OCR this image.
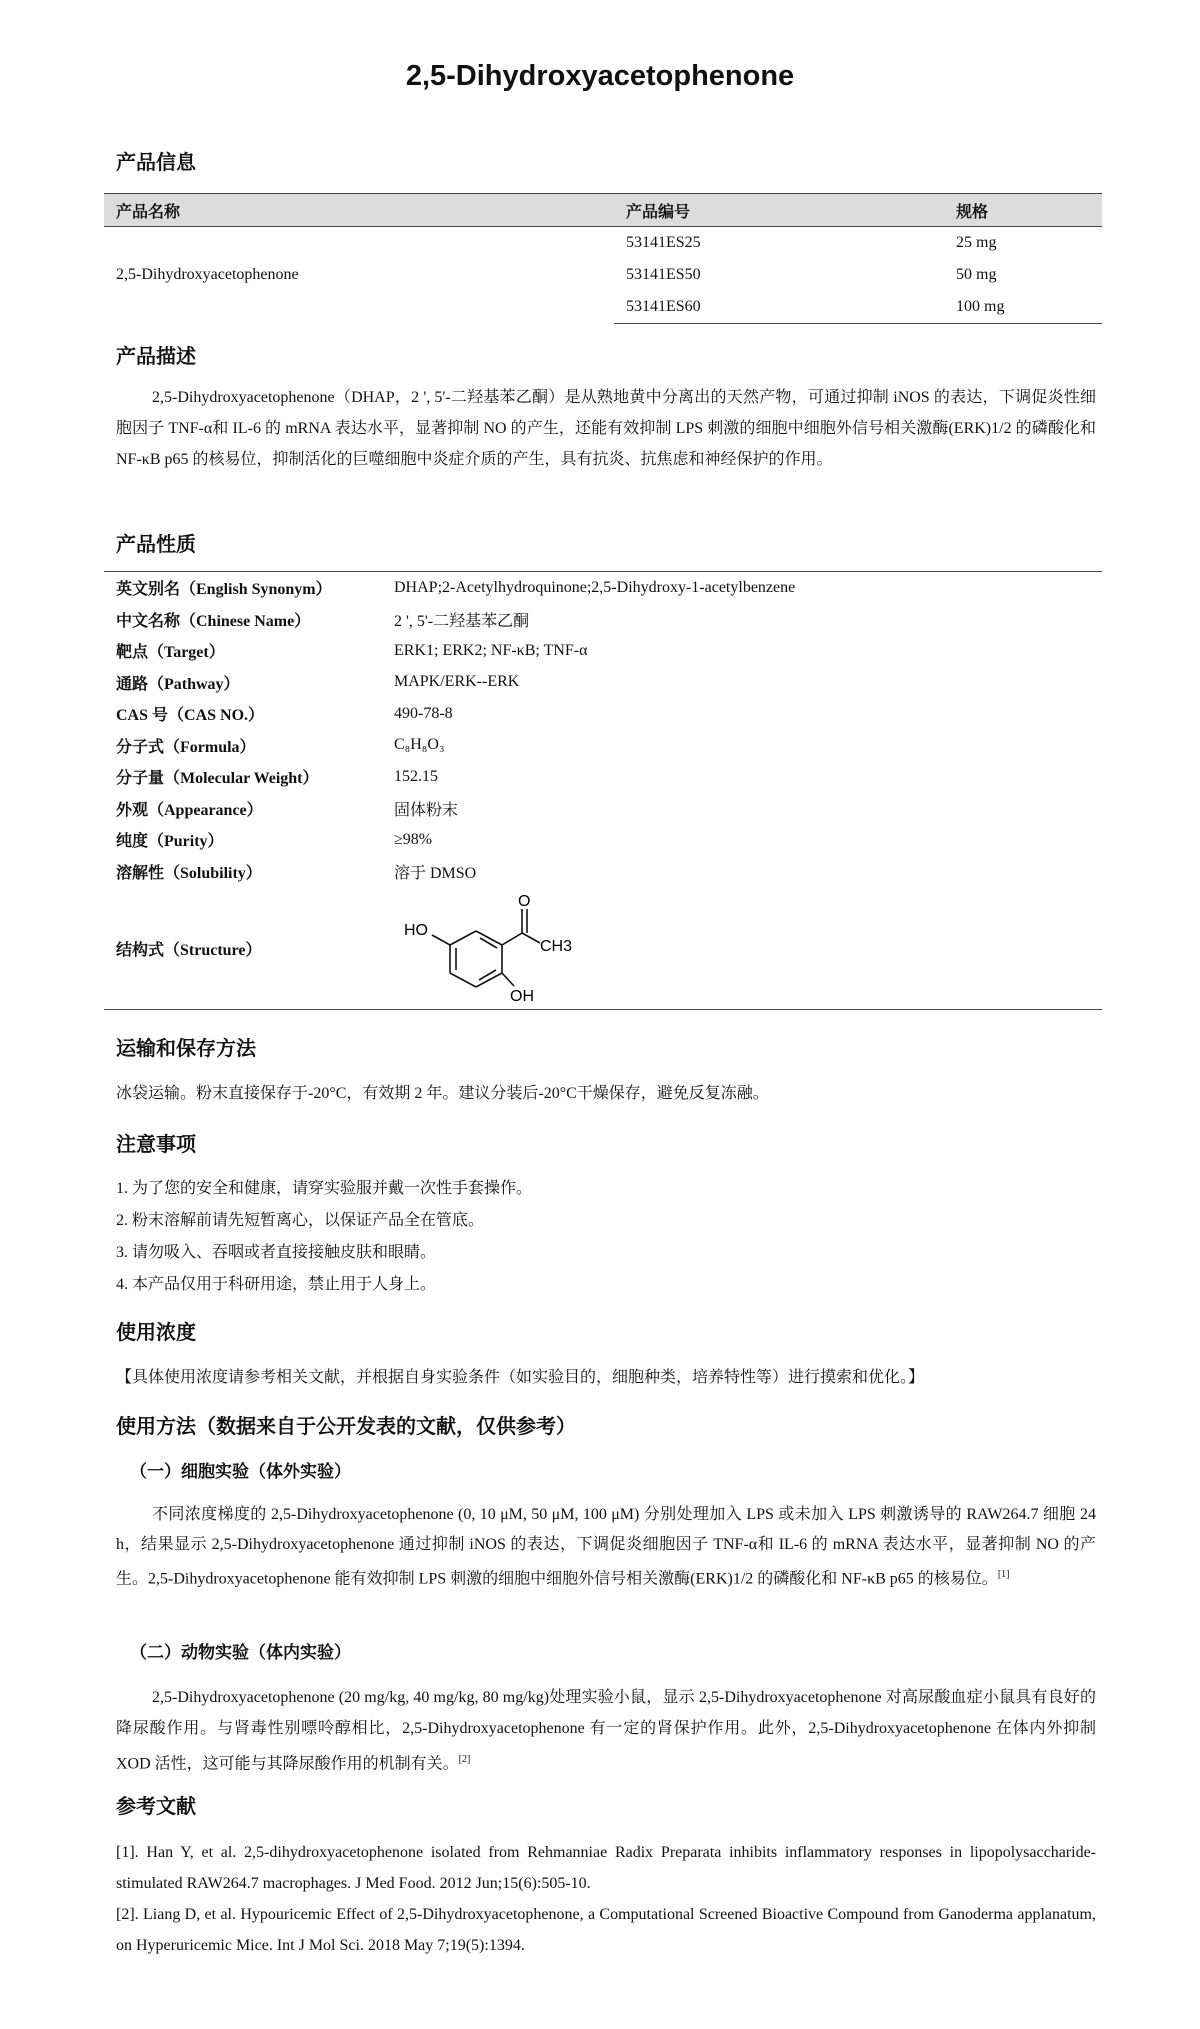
2,5-Dihydroxyacetophenone
产品信息
产品名称	产品编号	规格
2,5-Dihydroxyacetophenone	53141ES25	25 mg
	53141ES50	50 mg
	53141ES60	100 mg
产品描述
2,5-Dihydroxyacetophenone（DHAP，2 ', 5'-二羟基苯乙酮）是从熟地黄中分离出的天然产物，可通过抑制 iNOS 的表达，下调促炎性细胞因子 TNF-α和 IL-6 的 mRNA 表达水平，显著抑制 NO 的产生，还能有效抑制 LPS 刺激的细胞中细胞外信号相关激酶(ERK)1/2 的磷酸化和 NF-κB p65 的核易位，抑制活化的巨噬细胞中炎症介质的产生，具有抗炎、抗焦虑和神经保护的作用。
产品性质
英文别名（English Synonym）	DHAP;2-Acetylhydroquinone;2,5-Dihydroxy-1-acetylbenzene
中文名称（Chinese Name）	2 ', 5'-二羟基苯乙酮
靶点（Target）	ERK1; ERK2; NF-κB; TNF-α
通路（Pathway）	MAPK/ERK--ERK
CAS 号（CAS NO.）	490-78-8
分子式（Formula）	C₈H₈O₃
分子量（Molecular Weight）	152.15
外观（Appearance）	固体粉末
纯度（Purity）	≥98%
溶解性（Solubility）	溶于 DMSO
结构式（Structure）	HO
O
CH3
OH
运输和保存方法
冰袋运输。粉末直接保存于-20°C，有效期 2 年。建议分装后-20°C干燥保存，避免反复冻融。
注意事项
1. 为了您的安全和健康，请穿实验服并戴一次性手套操作。
2. 粉末溶解前请先短暂离心，以保证产品全在管底。
3. 请勿吸入、吞咽或者直接接触皮肤和眼睛。
4. 本产品仅用于科研用途，禁止用于人身上。
使用浓度
【具体使用浓度请参考相关文献，并根据自身实验条件（如实验目的，细胞种类，培养特性等）进行摸索和优化。】
使用方法（数据来自于公开发表的文献，仅供参考）
（一）细胞实验（体外实验）
不同浓度梯度的 2,5-Dihydroxyacetophenone (0, 10 μM, 50 μM, 100 μM) 分别处理加入 LPS 或未加入 LPS 刺激诱导的 RAW264.7 细胞 24 h，结果显示 2,5-Dihydroxyacetophenone 通过抑制 iNOS 的表达，下调促炎细胞因子 TNF-α和 IL-6 的 mRNA 表达水平，显著抑制 NO 的产生。2,5-Dihydroxyacetophenone 能有效抑制 LPS 刺激的细胞中细胞外信号相关激酶(ERK)1/2 的磷酸化和 NF-κB p65 的核易位。[1]
（二）动物实验（体内实验）
2,5-Dihydroxyacetophenone (20 mg/kg, 40 mg/kg, 80 mg/kg)处理实验小鼠，显示 2,5-Dihydroxyacetophenone 对高尿酸血症小鼠具有良好的降尿酸作用。与肾毒性别嘌呤醇相比，2,5-Dihydroxyacetophenone 有一定的肾保护作用。此外，2,5-Dihydroxyacetophenone 在体内外抑制 XOD 活性，这可能与其降尿酸作用的机制有关。[2]
参考文献
[1]. Han Y, et al. 2,5-dihydroxyacetophenone isolated from Rehmanniae Radix Preparata inhibits inflammatory responses in lipopolysaccharide-stimulated RAW264.7 macrophages. J Med Food. 2012 Jun;15(6):505-10.
[2]. Liang D, et al. Hypouricemic Effect of 2,5-Dihydroxyacetophenone, a Computational Screened Bioactive Compound from Ganoderma applanatum, on Hyperuricemic Mice. Int J Mol Sci. 2018 May 7;19(5):1394.
